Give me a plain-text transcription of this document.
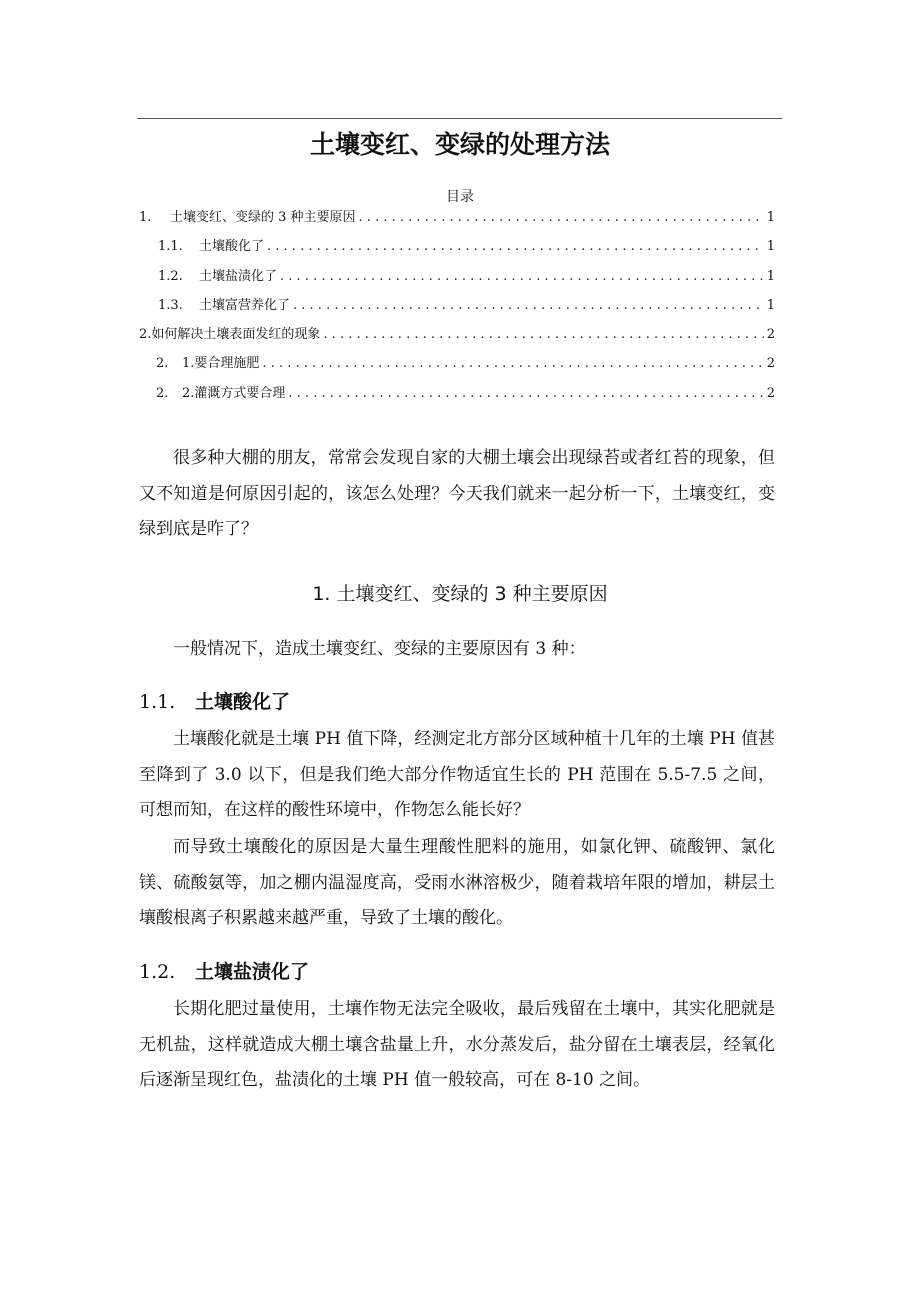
土壤变红、变绿的处理方法
目录
1.	土壤变红、变绿的 3 种主要原因 . . .	1
1.1.	土壤酸化了 . . .	1
1.2.	土壤盐渍化了 . . .	1
1.3.	土壤富营养化了 . . .	1
2. 如何解决土壤表面发红的现象 . . .	2
2.	1.要合理施肥 . . .	2
2.	2.灌溉方式要合理 . . .	2

很多种大棚的朋友，常常会发现自家的大棚土壤会出现绿苔或者红苔的现象，但又不知道是何原因引起的，该怎么处理？今天我们就来一起分析一下，土壤变红，变绿到底是咋了？

1. 土壤变红、变绿的 3 种主要原因

一般情况下，造成土壤变红、变绿的主要原因有 3 种：

1.1. 土壤酸化了

土壤酸化就是土壤 PH 值下降，经测定北方部分区域种植十几年的土壤 PH 值甚至降到了 3.0 以下，但是我们绝大部分作物适宜生长的 PH 范围在 5.5-7.5 之间，可想而知，在这样的酸性环境中，作物怎么能长好？

而导致土壤酸化的原因是大量生理酸性肥料的施用，如氯化钾、硫酸钾、氯化镁、硫酸氨等，加之棚内温湿度高，受雨水淋溶极少，随着栽培年限的增加，耕层土壤酸根离子积累越来越严重，导致了土壤的酸化。

1.2. 土壤盐渍化了

长期化肥过量使用，土壤作物无法完全吸收，最后残留在土壤中，其实化肥就是无机盐，这样就造成大棚土壤含盐量上升，水分蒸发后，盐分留在土壤表层，经氧化后逐渐呈现红色，盐渍化的土壤 PH 值一般较高，可在 8-10 之间。
